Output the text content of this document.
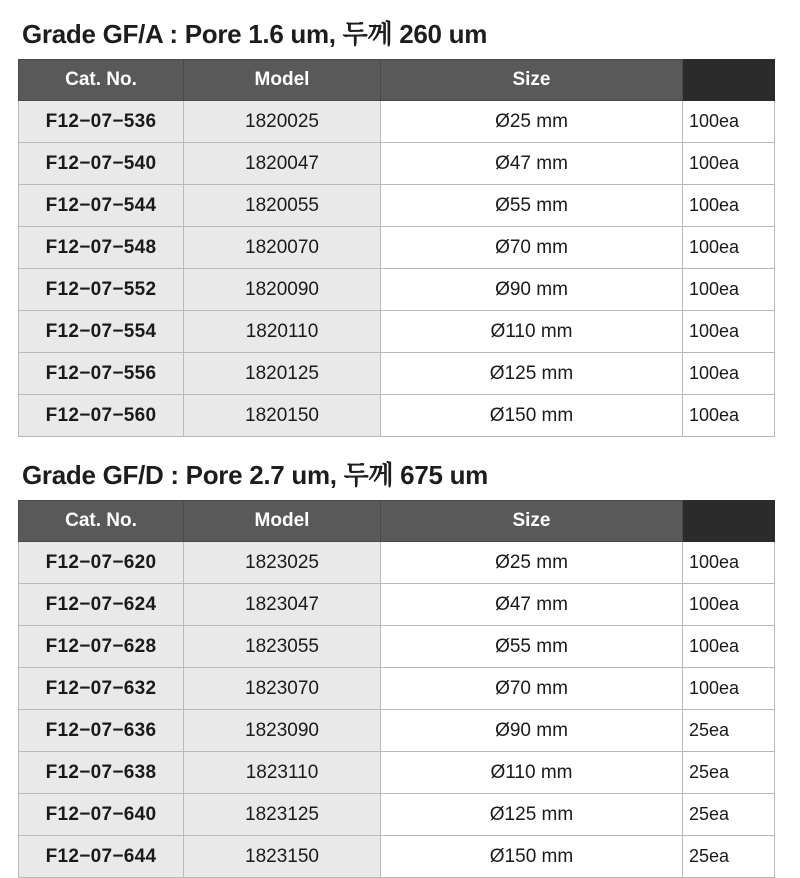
Grade GF/A : Pore 1.6 um, 두께 260 um
Cat. No.	Model	Size	
F12−07−536	1820025	Ø25 mm	100ea
F12−07−540	1820047	Ø47 mm	100ea
F12−07−544	1820055	Ø55 mm	100ea
F12−07−548	1820070	Ø70 mm	100ea
F12−07−552	1820090	Ø90 mm	100ea
F12−07−554	1820110	Ø110 mm	100ea
F12−07−556	1820125	Ø125 mm	100ea
F12−07−560	1820150	Ø150 mm	100ea
Grade GF/D : Pore 2.7 um, 두께 675 um
Cat. No.	Model	Size	
F12−07−620	1823025	Ø25 mm	100ea
F12−07−624	1823047	Ø47 mm	100ea
F12−07−628	1823055	Ø55 mm	100ea
F12−07−632	1823070	Ø70 mm	100ea
F12−07−636	1823090	Ø90 mm	25ea
F12−07−638	1823110	Ø110 mm	25ea
F12−07−640	1823125	Ø125 mm	25ea
F12−07−644	1823150	Ø150 mm	25ea
